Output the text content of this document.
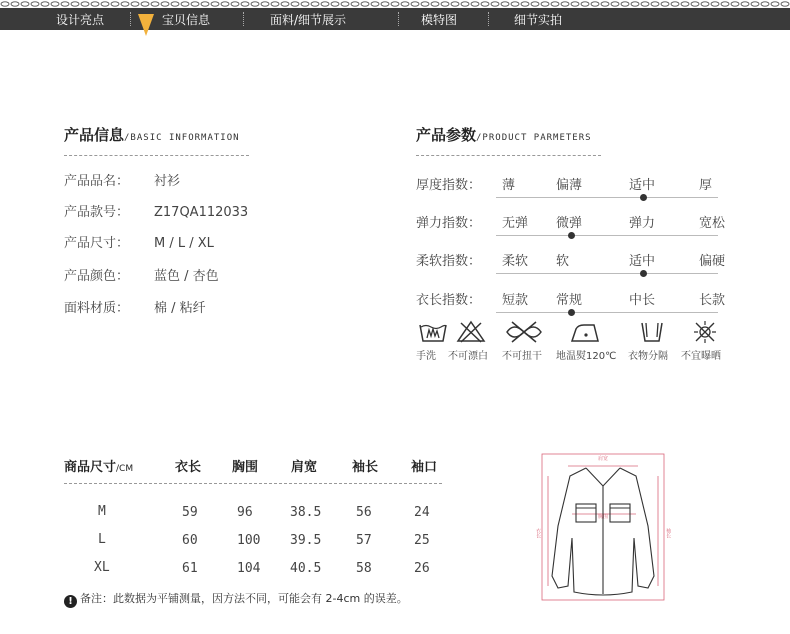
设计亮点	宝贝信息	面料/细节展示	模特图	细节实拍
产品信息/BASIC INFORMATION
产品品名： 衬衫
产品款号： Z17QA112033
产品尺寸： M / L / XL
产品颜色： 蓝色 / 杏色
面料材质： 棉 / 粘纤
产品参数/PRODUCT PARMETERS
厚度指数： 薄	偏薄	适中	厚
弹力指数： 无弹 微弹	弹力	宽松
柔软指数： 柔软 软	适中	偏硬
衣长指数： 短款 常规	中长	长款
手洗 不可漂白 不可扭干 地温熨120℃ 衣物分隔 不宜曝晒
商品尺寸/CM	衣长 胸围	肩宽	袖长	袖口
M	59	96	38.5	56	24
L	60	100 39.5	57	25
XL	61	104 40.5	58	26
肩宽
胸围
衣长	袖长
! 备注：此数据为平铺测量，因方法不同，可能会有 2-4cm 的误差。
